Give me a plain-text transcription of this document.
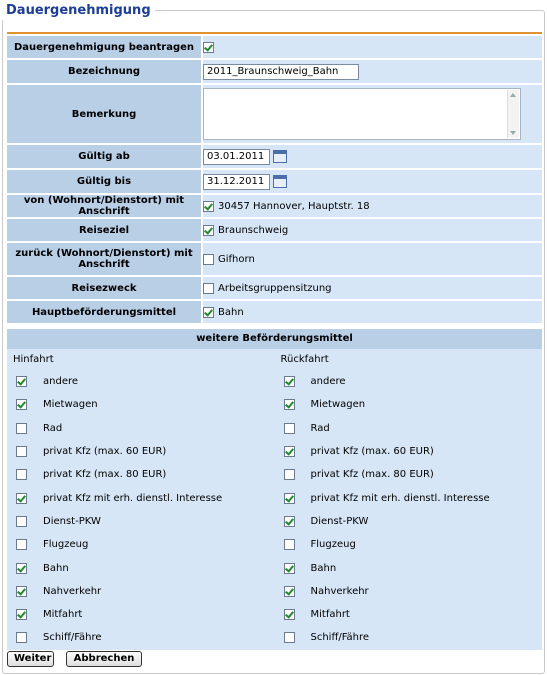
Dauergenehmigung
Dauergenehmigung beantragen	
Bezeichnung	2011_Braunschweig_Bahn
Bemerkung	

Gültig ab	03.01.2011
Gültig bis	31.12.2011
von (Wohnort/Dienstort) mit Anschrift	30457 Hannover, Hauptstr. 18
Reiseziel	Braunschweig
zurück (Wohnort/Dienstort) mit Anschrift	Gifhorn
Reisezweck	Arbeitsgruppensitzung
Hauptbeförderungsmittel	Bahn
weitere Beförderungsmittel
Hinfahrt	Rückfahrt
andere	andere
Mietwagen	Mietwagen
Rad	Rad
privat Kfz (max. 60 EUR)	privat Kfz (max. 60 EUR)
privat Kfz (max. 80 EUR)	privat Kfz (max. 80 EUR)
privat Kfz mit erh. dienstl. Interesse	privat Kfz mit erh. dienstl. Interesse
Dienst-PKW	Dienst-PKW
Flugzeug	Flugzeug
Bahn	Bahn
Nahverkehr	Nahverkehr
Mitfahrt	Mitfahrt
Schiff/Fähre	Schiff/Fähre
Weiter	Abbrechen
